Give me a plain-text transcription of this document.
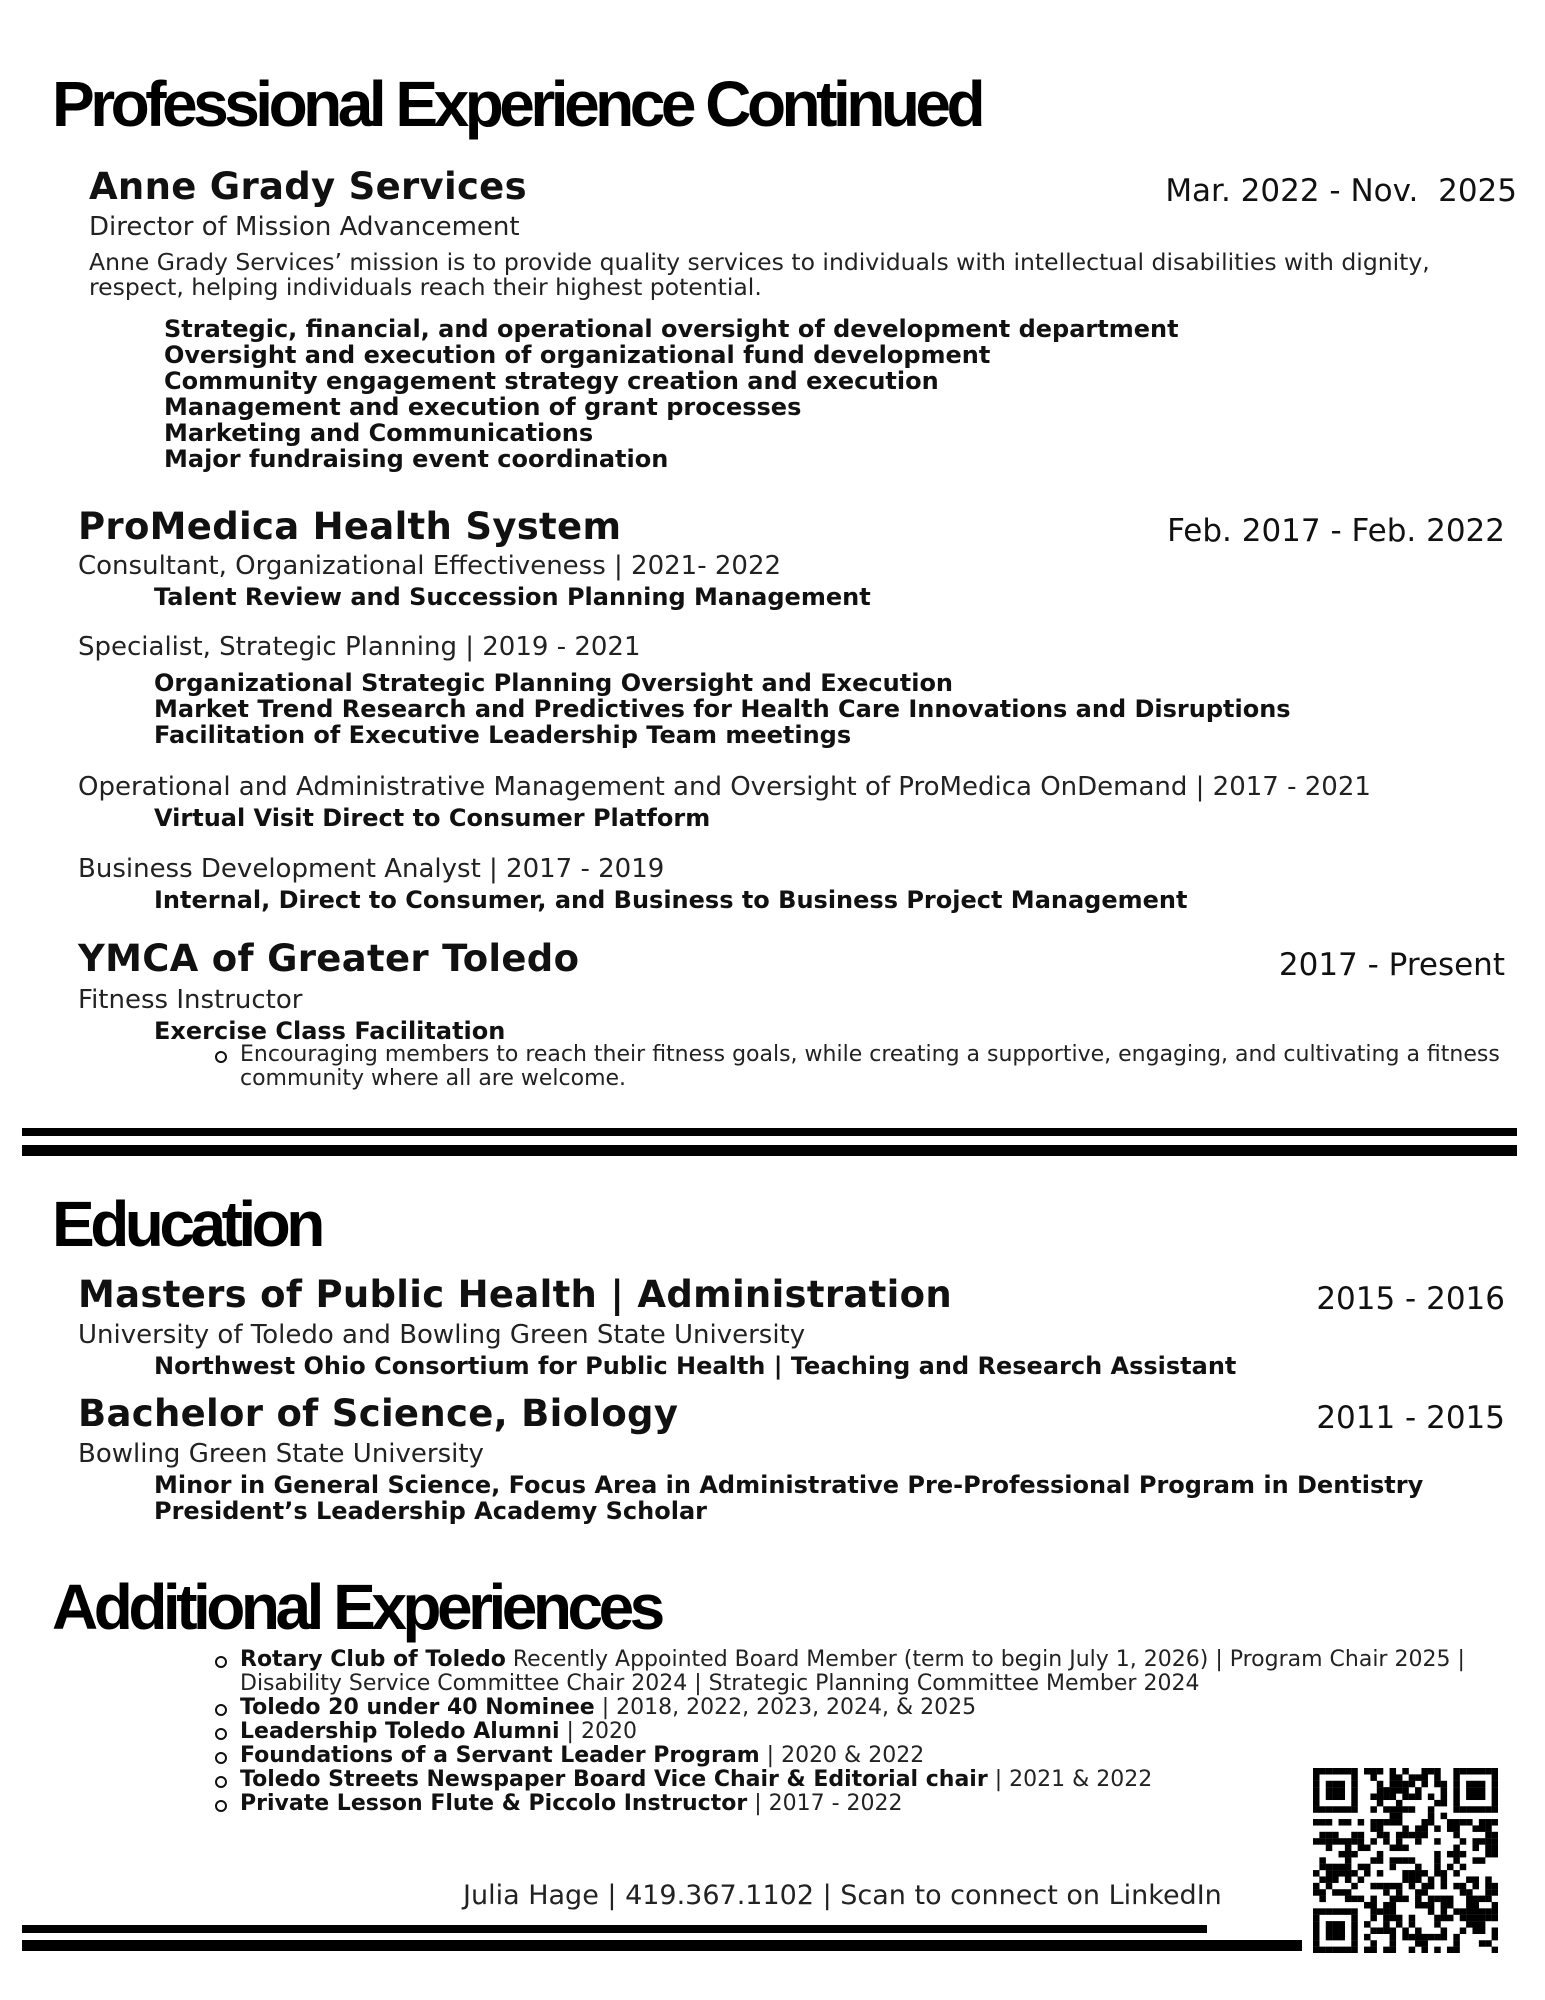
Professional Experience Continued
Anne Grady Services	Mar. 2022 - Nov.  2025
Director of Mission Advancement
Anne Grady Services’ mission is to provide quality services to individuals with intellectual disabilities with dignity, respect, helping individuals reach their highest potential.
Strategic, financial, and operational oversight of development department
Oversight and execution of organizational fund development
Community engagement strategy creation and execution
Management and execution of grant processes
Marketing and Communications
Major fundraising event coordination
ProMedica Health System	Feb. 2017 - Feb. 2022
Consultant, Organizational Effectiveness | 2021- 2022
Talent Review and Succession Planning Management
Specialist, Strategic Planning | 2019 - 2021
Organizational Strategic Planning Oversight and Execution
Market Trend Research and Predictives for Health Care Innovations and Disruptions
Facilitation of Executive Leadership Team meetings
Operational and Administrative Management and Oversight of ProMedica OnDemand | 2017 - 2021
Virtual Visit Direct to Consumer Platform
Business Development Analyst | 2017 - 2019
Internal, Direct to Consumer, and Business to Business Project Management
YMCA of Greater Toledo	2017 - Present
Fitness Instructor
Exercise Class Facilitation
Encouraging members to reach their fitness goals, while creating a supportive, engaging, and cultivating a fitness community where all are welcome.
Education
Masters of Public Health | Administration	2015 - 2016
University of Toledo and Bowling Green State University
Northwest Ohio Consortium for Public Health | Teaching and Research Assistant
Bachelor of Science, Biology	2011 - 2015
Bowling Green State University
Minor in General Science, Focus Area in Administrative Pre-Professional Program in Dentistry
President’s Leadership Academy Scholar
Additional Experiences
Rotary Club of Toledo Recently Appointed Board Member (term to begin July 1, 2026) | Program Chair 2025 | Disability Service Committee Chair 2024 | Strategic Planning Committee Member 2024
Toledo 20 under 40 Nominee | 2018, 2022, 2023, 2024, & 2025
Leadership Toledo Alumni | 2020
Foundations of a Servant Leader Program | 2020 & 2022
Toledo Streets Newspaper Board Vice Chair & Editorial chair | 2021 & 2022
Private Lesson Flute & Piccolo Instructor | 2017 - 2022
Julia Hage | 419.367.1102 | Scan to connect on LinkedIn
